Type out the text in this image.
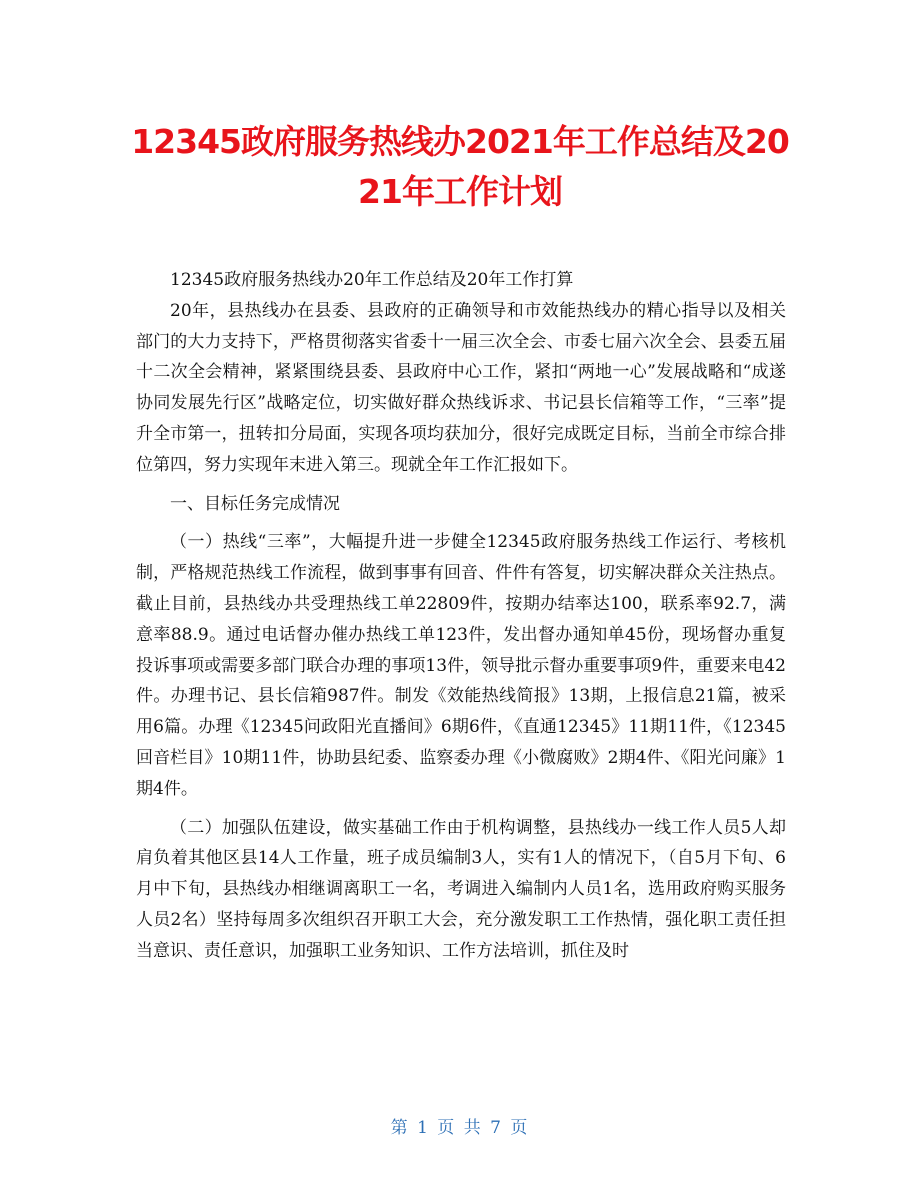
12345政府服务热线办2021年工作总结及2021年工作计划

12345政府服务热线办20年工作总结及20年工作打算

20年，县热线办在县委、县政府的正确领导和市效能热线办的精心指导以及相关部门的大力支持下，严格贯彻落实省委十一届三次全会、市委七届六次全会、县委五届十二次全会精神，紧紧围绕县委、县政府中心工作，紧扣“两地一心”发展战略和“成遂协同发展先行区”战略定位，切实做好群众热线诉求、书记县长信箱等工作，“三率”提升全市第一，扭转扣分局面，实现各项均获加分，很好完成既定目标，当前全市综合排位第四，努力实现年末进入第三。现就全年工作汇报如下。

一、目标任务完成情况

（一）热线“三率”，大幅提升进一步健全12345政府服务热线工作运行、考核机制，严格规范热线工作流程，做到事事有回音、件件有答复，切实解决群众关注热点。截止目前，县热线办共受理热线工单22809件，按期办结率达100，联系率92.7，满意率88.9。通过电话督办催办热线工单123件，发出督办通知单45份，现场督办重复投诉事项或需要多部门联合办理的事项13件，领导批示督办重要事项9件，重要来电42件。办理书记、县长信箱987件。制发《效能热线简报》13期，上报信息21篇，被采用6篇。办理《12345问政阳光直播间》6期6件，《直通12345》11期11件，《12345回音栏目》10期11件，协助县纪委、监察委办理《小微腐败》2期4件、《阳光问廉》1期4件。

（二）加强队伍建设，做实基础工作由于机构调整，县热线办一线工作人员5人却肩负着其他区县14人工作量，班子成员编制3人，实有1人的情况下，（自5月下旬、6月中下旬，县热线办相继调离职工一名，考调进入编制内人员1名，选用政府购买服务人员2名）坚持每周多次组织召开职工大会，充分激发职工工作热情，强化职工责任担当意识、责任意识，加强职工业务知识、工作方法培训，抓住及时

第 1 页 共 7 页
